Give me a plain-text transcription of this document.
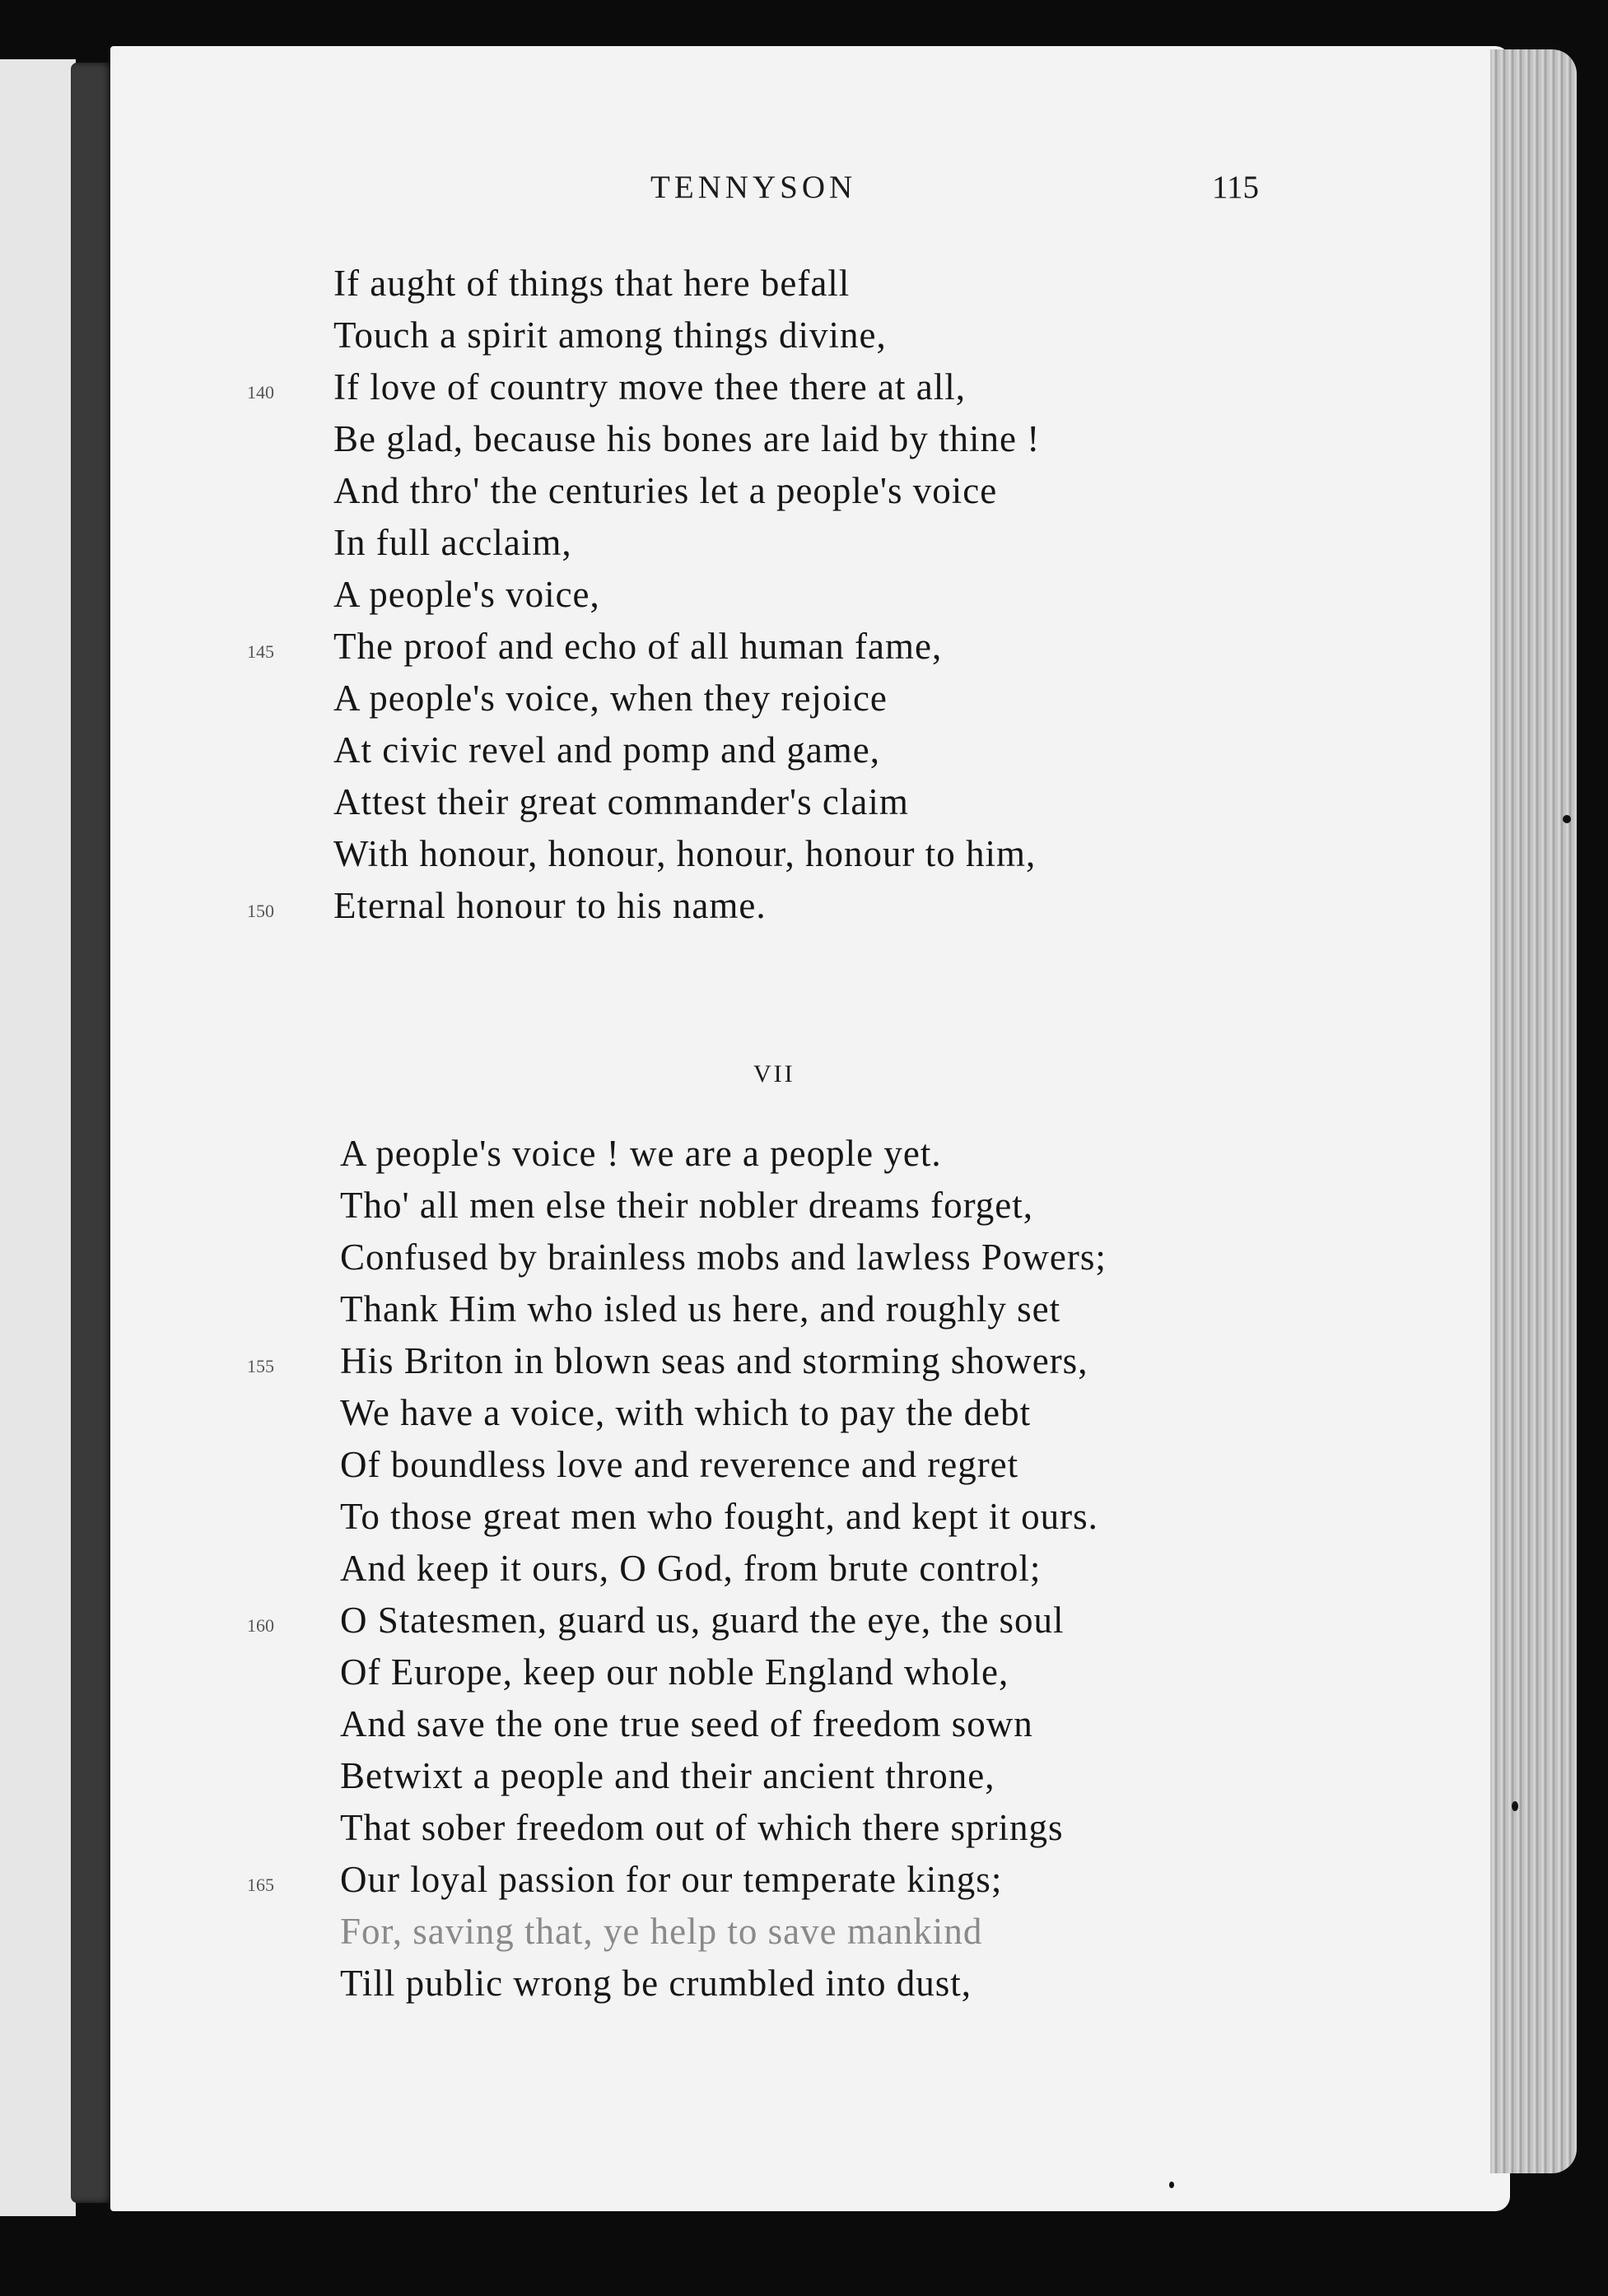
TENNYSON	115
If aught of things that here befall
Touch a spirit among things divine,
If love of country move thee there at all,
Be glad, because his bones are laid by thine !
And thro' the centuries let a people's voice
In full acclaim,
A people's voice,
The proof and echo of all human fame,
A people's voice, when they rejoice
At civic revel and pomp and game,
Attest their great commander's claim
With honour, honour, honour, honour to him,
Eternal honour to his name.
140
145
150
VII
A people's voice ! we are a people yet.
Tho' all men else their nobler dreams forget,
Confused by brainless mobs and lawless Powers;
Thank Him who isled us here, and roughly set
His Briton in blown seas and storming showers,
We have a voice, with which to pay the debt
Of boundless love and reverence and regret
To those great men who fought, and kept it ours.
And keep it ours, O God, from brute control;
O Statesmen, guard us, guard the eye, the soul
Of Europe, keep our noble England whole,
And save the one true seed of freedom sown
Betwixt a people and their ancient throne,
That sober freedom out of which there springs
Our loyal passion for our temperate kings;
For, saving that, ye help to save mankind
Till public wrong be crumbled into dust,
155
160
165
